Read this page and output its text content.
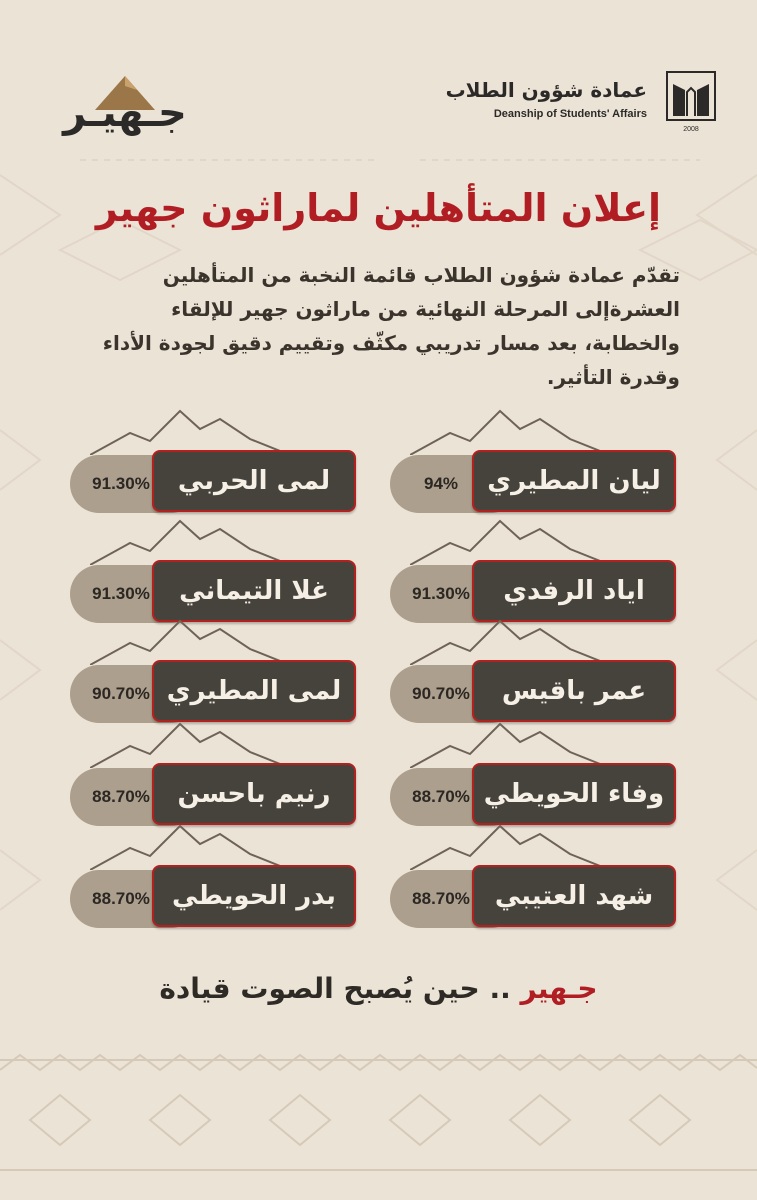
عمادة شؤون الطلاب
Deanship of Students' Affairs
2008
جـهيـر
إعلان المتأهلين لماراثون جهير
تقدّم عمادة شؤون الطلاب قائمة النخبة من المتأهلين العشرةإلى المرحلة النهائية من ماراثون جهير للإلقاء والخطابة، بعد مسار تدريبي مكثّف وتقييم دقيق لجودة الأداء وقدرة التأثير.
94%	ليان المطيري
91.30%	لمى الحربي
91.30%	اياد الرفدي
91.30%	غلا التيماني
90.70%	عمر باقيس
90.70% لمى المطيري
88.70% وفاء الحويطي
88.70%	رنيم باحسن
88.70% شهد العتيبي
88.70% بدر الحويطي
جـهير .. حين يُصبح الصوت قيادة
